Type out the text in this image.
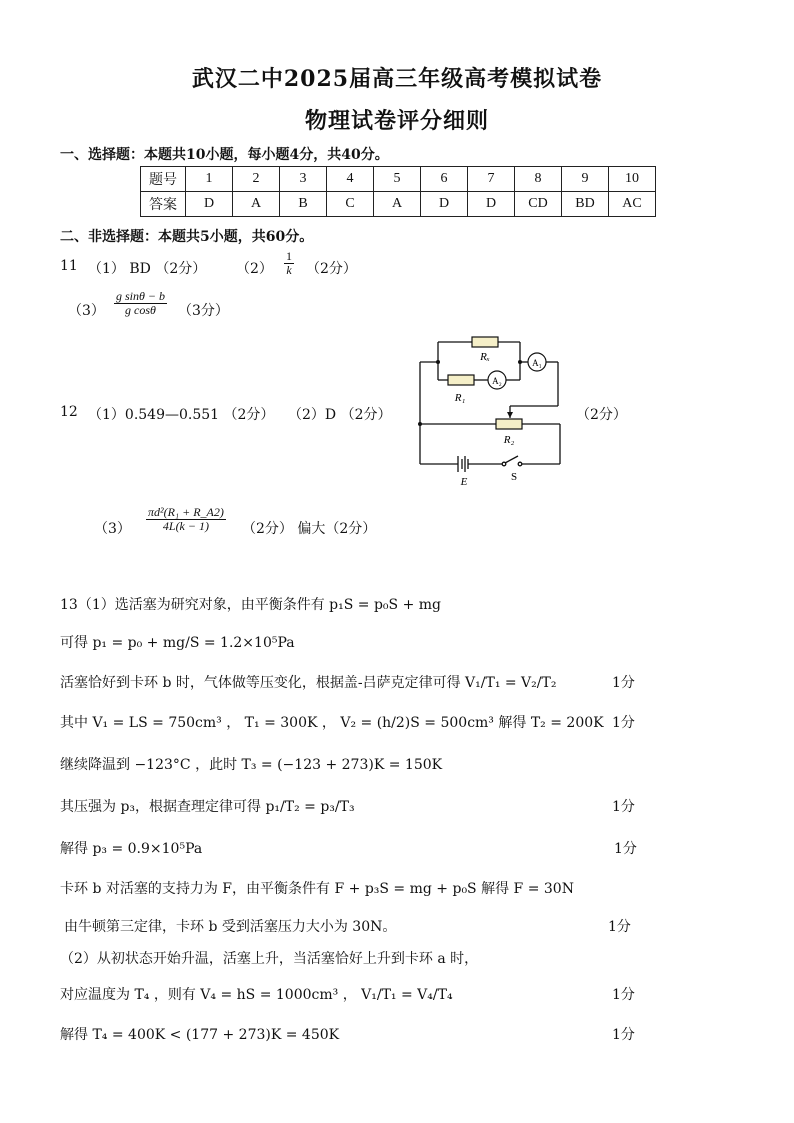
武汉二中2025届高三年级高考模拟试卷
物理试卷评分细则
一、选择题：本题共10小题，每小题4分，共40分。
题号	1	2	3	4	5	6	7	8	9	10
答案	D	A	B	C	A	D	D	CD	BD	AC
二、非选择题：本题共5小题，共60分。
11 （1） BD （2分） $(2) \frac{1}{k} (2$分）
$(3) \frac{\text{g sinθ − b}}{\text{g cosθ}} (3$分）
12 （1）0.549—0.551 （2分） （2）D （2分）
Rₓ
R₁
R₂
A₂
A₁
E	S
（2分）
$(3) \frac{\text{πd²(R₁ + R\_A2)}}{4L(k - 1)} (2$分） 偏大（2分）
13（1）选活塞为研究对象，由平衡条件有 p₁S = p₀S + mg
可得 p₁ = p₀ + mg/S = 1.2×10⁵Pa
活塞恰好到卡环 b 时，气体做等压变化，根据盖-吕萨克定律可得 V₁/T₁ = V₂/T₂	1分
其中 V₁ = LS = 750cm³ ， T₁ = 300K ， V₂ = (h/2)S = 500cm³ 解得 T₂ = 200K 1分
继续降温到 −123°C ，此时 T₃ = (−123 + 273)K = 150K
其压强为 p₃，根据查理定律可得 p₁/T₂ = p₃/T₃	1分
解得 p₃ = 0.9×10⁵Pa	1分
卡环 b 对活塞的支持力为 F，由平衡条件有 F + p₃S = mg + p₀S 解得 F = 30N
由牛顿第三定律，卡环 b 受到活塞压力大小为 30N。	1分
（2）从初状态开始升温，活塞上升，当活塞恰好上升到卡环 a 时，
对应温度为 T₄ ，则有 V₄ = hS = 1000cm³ ， V₁/T₁ = V₄/T₄	1分
解得 T₄ = 400K < (177 + 273)K = 450K	1分
